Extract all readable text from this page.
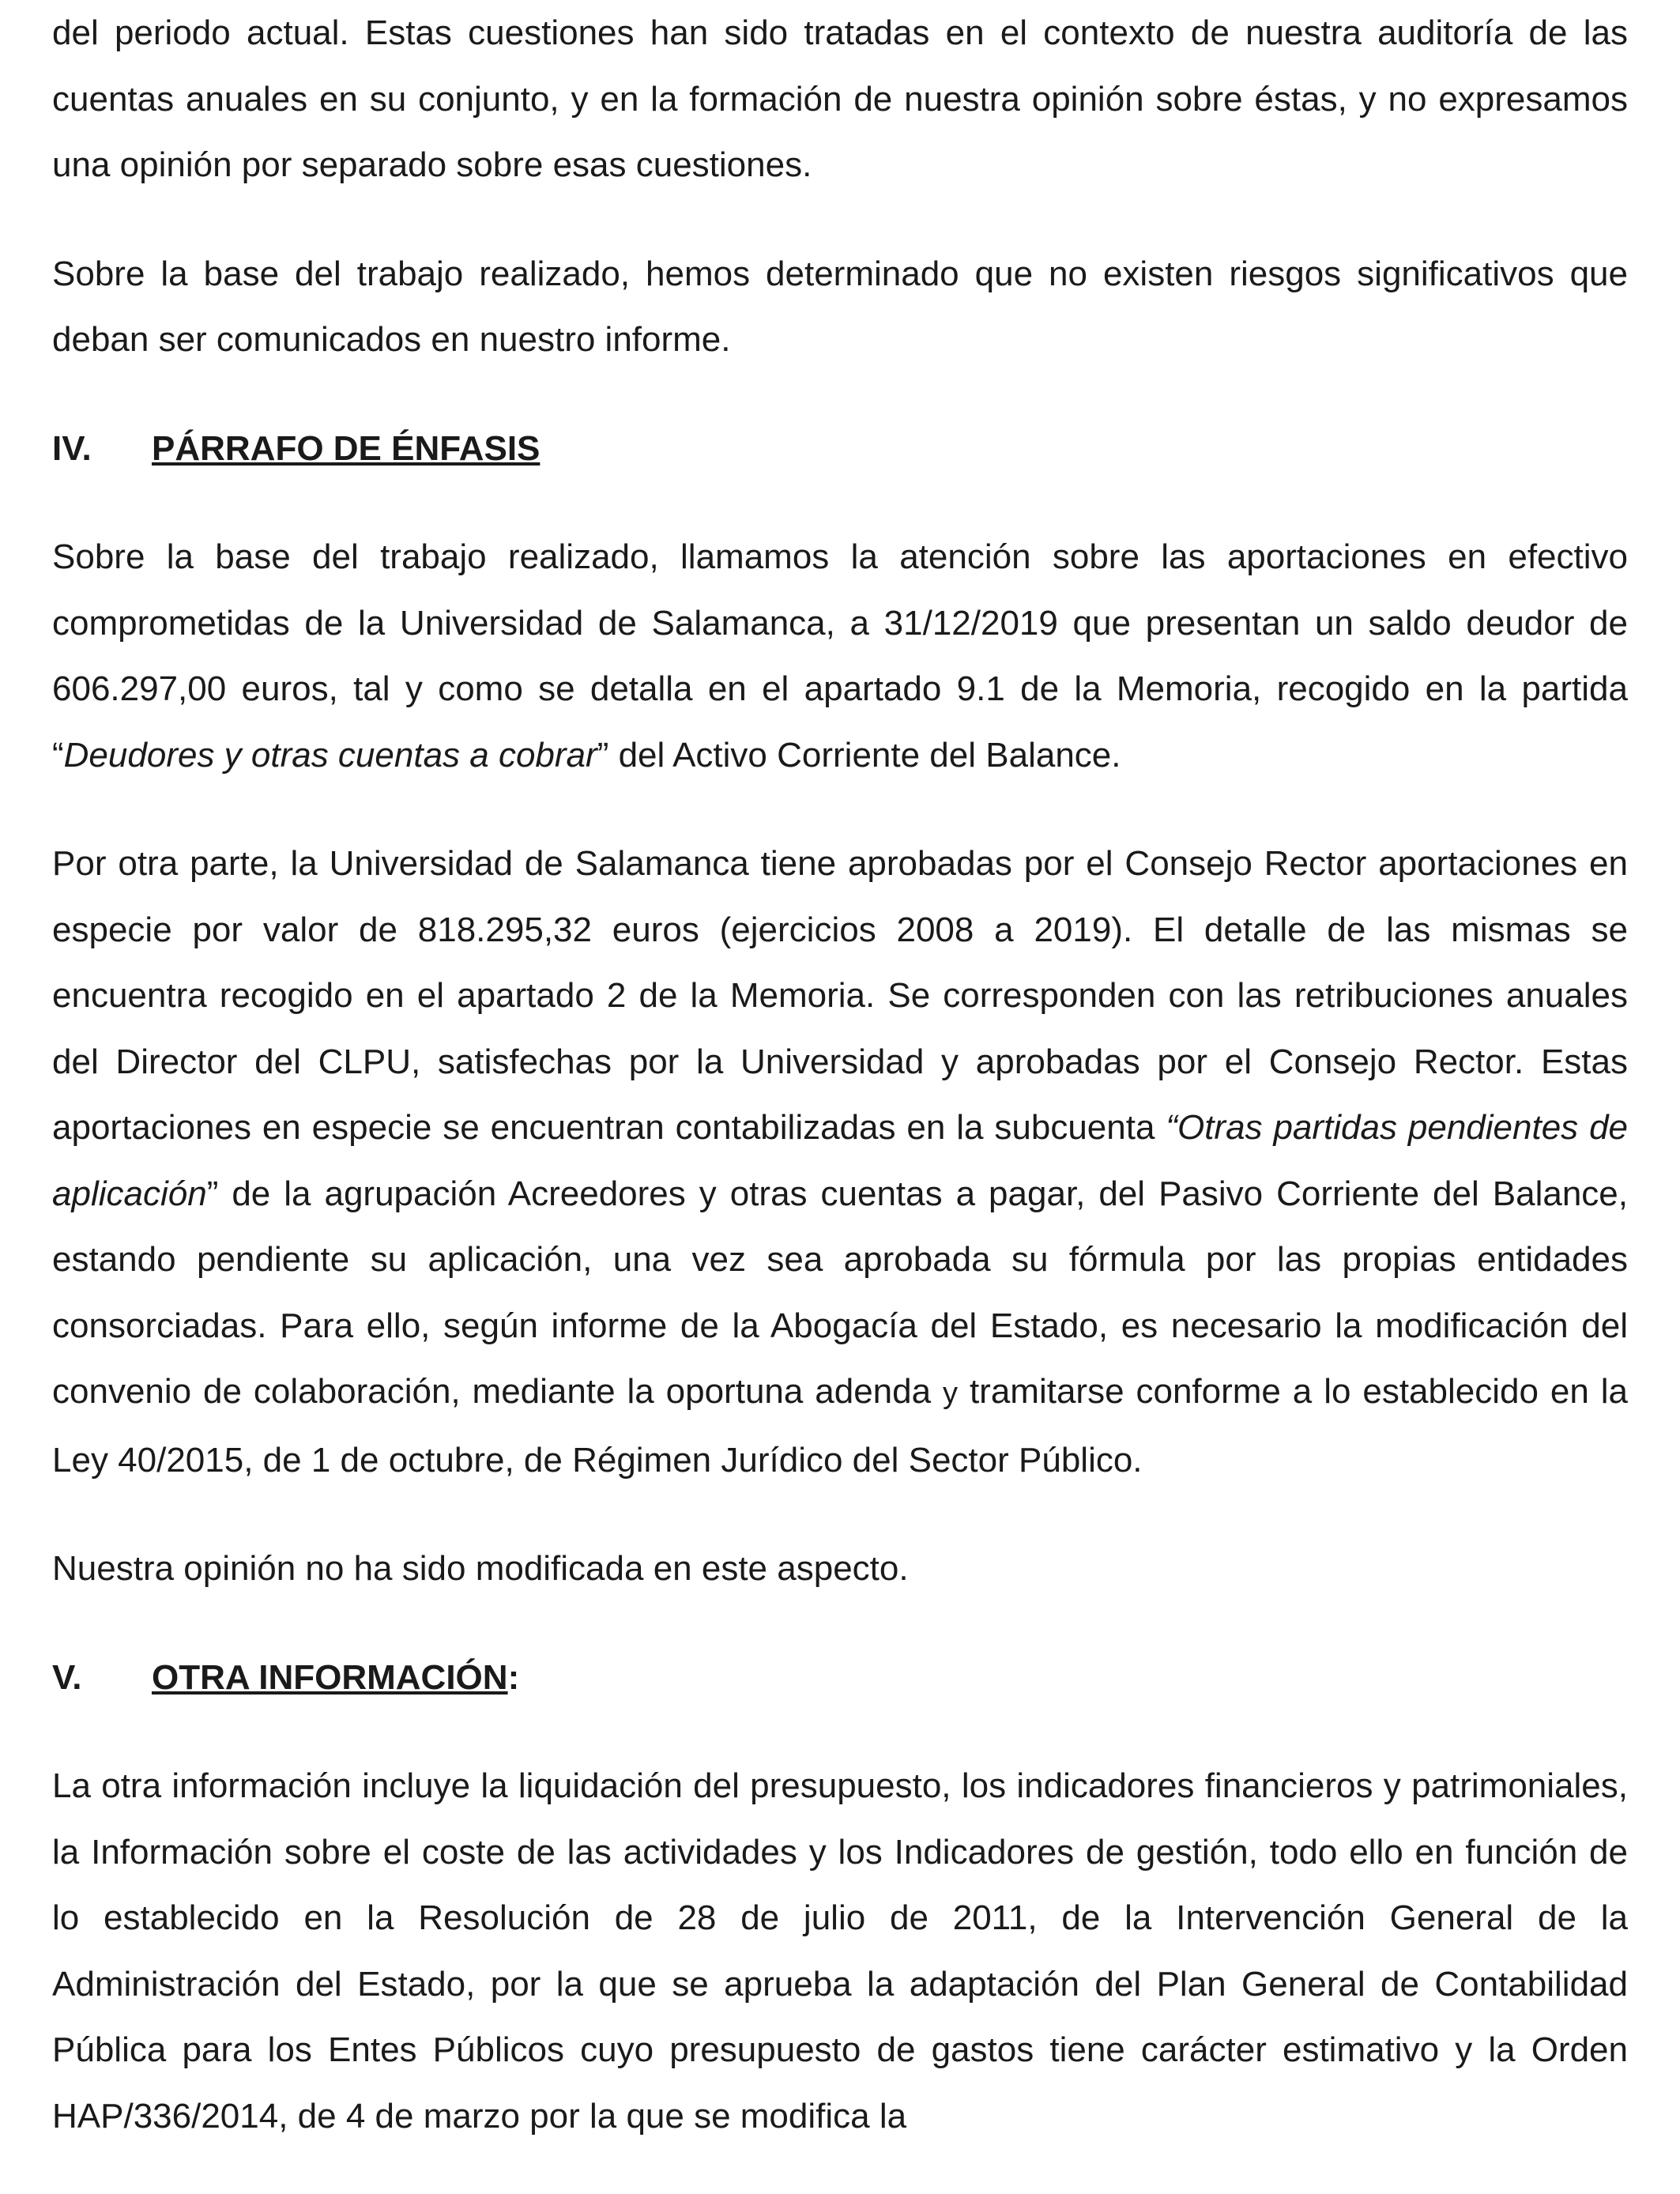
del periodo actual. Estas cuestiones han sido tratadas en el contexto de nuestra auditoría de las cuentas anuales en su conjunto, y en la formación de nuestra opinión sobre éstas, y no expresamos una opinión por separado sobre esas cuestiones.

Sobre la base del trabajo realizado, hemos determinado que no existen riesgos significativos que deban ser comunicados en nuestro informe.

IV.	PÁRRAFO DE ÉNFASIS

Sobre la base del trabajo realizado, llamamos la atención sobre las aportaciones en efectivo comprometidas de la Universidad de Salamanca, a 31/12/2019 que presentan un saldo deudor de 606.297,00 euros, tal y como se detalla en el apartado 9.1 de la Memoria, recogido en la partida “Deudores y otras cuentas a cobrar” del Activo Corriente del Balance.

Por otra parte, la Universidad de Salamanca tiene aprobadas por el Consejo Rector aportaciones en especie por valor de 818.295,32 euros (ejercicios 2008 a 2019). El detalle de las mismas se encuentra recogido en el apartado 2 de la Memoria. Se corresponden con las retribuciones anuales del Director del CLPU, satisfechas por la Universidad y aprobadas por el Consejo Rector. Estas aportaciones en especie se encuentran contabilizadas en la subcuenta “Otras partidas pendientes de aplicación” de la agrupación Acreedores y otras cuentas a pagar, del Pasivo Corriente del Balance, estando pendiente su aplicación, una vez sea aprobada su fórmula por las propias entidades consorciadas. Para ello, según informe de la Abogacía del Estado, es necesario la modificación del convenio de colaboración, mediante la oportuna adenda y tramitarse conforme a lo establecido en la Ley 40/2015, de 1 de octubre, de Régimen Jurídico del Sector Público.

Nuestra opinión no ha sido modificada en este aspecto.

V.	OTRA INFORMACIÓN:

La otra información incluye la liquidación del presupuesto, los indicadores financieros y patrimoniales, la Información sobre el coste de las actividades y los Indicadores de gestión, todo ello en función de lo establecido en la Resolución de 28 de julio de 2011, de la Intervención General de la Administración del Estado, por la que se aprueba la adaptación del Plan General de Contabilidad Pública para los Entes Públicos cuyo presupuesto de gastos tiene carácter estimativo y la Orden HAP/336/2014, de 4 de marzo por la que se modifica la
